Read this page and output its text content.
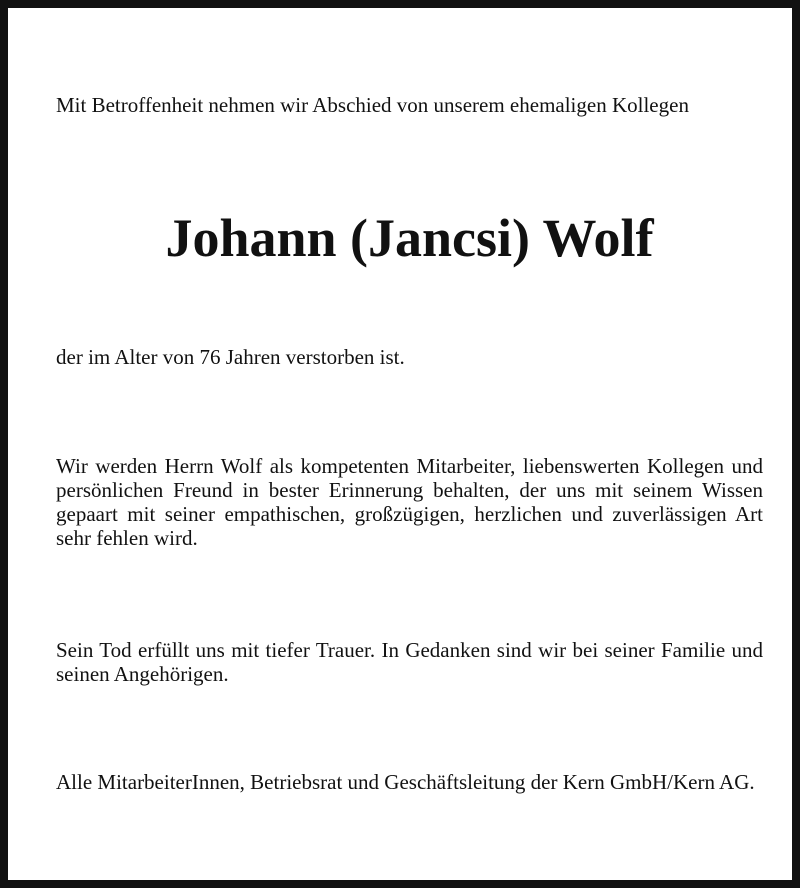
Mit Betroffenheit nehmen wir Abschied von unserem ehemaligen Kollegen

Johann (Jancsi) Wolf

der im Alter von 76 Jahren verstorben ist.

Wir werden Herrn Wolf als kompetenten Mitarbeiter, liebenswerten Kollegen und persönlichen Freund in bester Erinnerung behalten, der uns mit seinem Wissen gepaart mit seiner empathischen, großzügigen, herzlichen und zuverlässigen Art sehr fehlen wird.

Sein Tod erfüllt uns mit tiefer Trauer. In Gedanken sind wir bei seiner Familie und seinen Angehörigen.

Alle MitarbeiterInnen, Betriebsrat und Geschäftsleitung der Kern GmbH/Kern AG.
